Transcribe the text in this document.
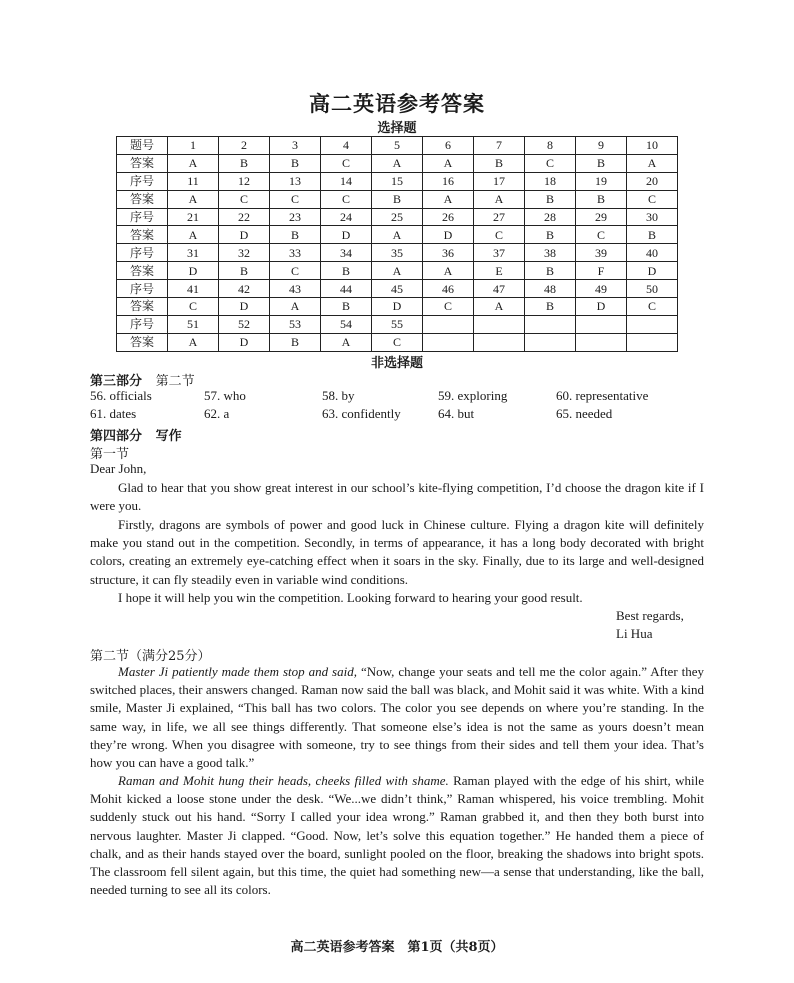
高二英语参考答案
选择题
题号	1	2	3	4	5	6	7	8	9	10
答案	A	B	B	C	A	A	B	C	B	A
序号	11	12	13	14	15	16	17	18	19	20
答案	A	C	C	C	B	A	A	B	B	C
序号	21	22	23	24	25	26	27	28	29	30
答案	A	D	B	D	A	D	C	B	C	B
序号	31	32	33	34	35	36	37	38	39	40
答案	D	B	C	B	A	A	E	B	F	D
序号	41	42	43	44	45	46	47	48	49	50
答案	C	D	A	B	D	C	A	B	D	C
序号	51	52	53	54	55					
答案	A	D	B	A	C					
非选择题
第三部分 第二节
56. officials	57. who	58. by	59. exploring	60. representative
61. dates	62. a	63. confidently	64. but	65. needed
第四部分 写作
第一节
Dear John,

Glad to hear that you show great interest in our school’s kite-flying competition, I’d choose the dragon kite if I were you.

Firstly, dragons are symbols of power and good luck in Chinese culture. Flying a dragon kite will definitely make you stand out in the competition. Secondly, in terms of appearance, it has a long body decorated with bright colors, creating an extremely eye-catching effect when it soars in the sky. Finally, due to its large and well-designed structure, it can fly steadily even in variable wind conditions.

I hope it will help you win the competition. Looking forward to hearing your good result.

Best regards,
Li Hua
第二节（满分25分）

Master Ji patiently made them stop and said, “Now, change your seats and tell me the color again.” After they switched places, their answers changed. Raman now said the ball was black, and Mohit said it was white. With a kind smile, Master Ji explained, “This ball has two colors. The color you see depends on where you’re standing. In the same way, in life, we all see things differently. That someone else’s idea is not the same as yours doesn’t mean they’re wrong. When you disagree with someone, try to see things from their sides and tell them your idea. That’s how you can have a good talk.”

Raman and Mohit hung their heads, cheeks filled with shame. Raman played with the edge of his shirt, while Mohit kicked a loose stone under the desk. “We...we didn’t think,” Raman whispered, his voice trembling. Mohit suddenly stuck out his hand. “Sorry I called your idea wrong.” Raman grabbed it, and then they both burst into nervous laughter. Master Ji clapped. “Good. Now, let’s solve this equation together.” He handed them a piece of chalk, and as their hands stayed over the board, sunlight pooled on the floor, breaking the shadows into bright spots. The classroom fell silent again, but this time, the quiet had something new—a sense that understanding, like the ball, needed turning to see all its colors.

高二英语参考答案　第1页（共8页）
